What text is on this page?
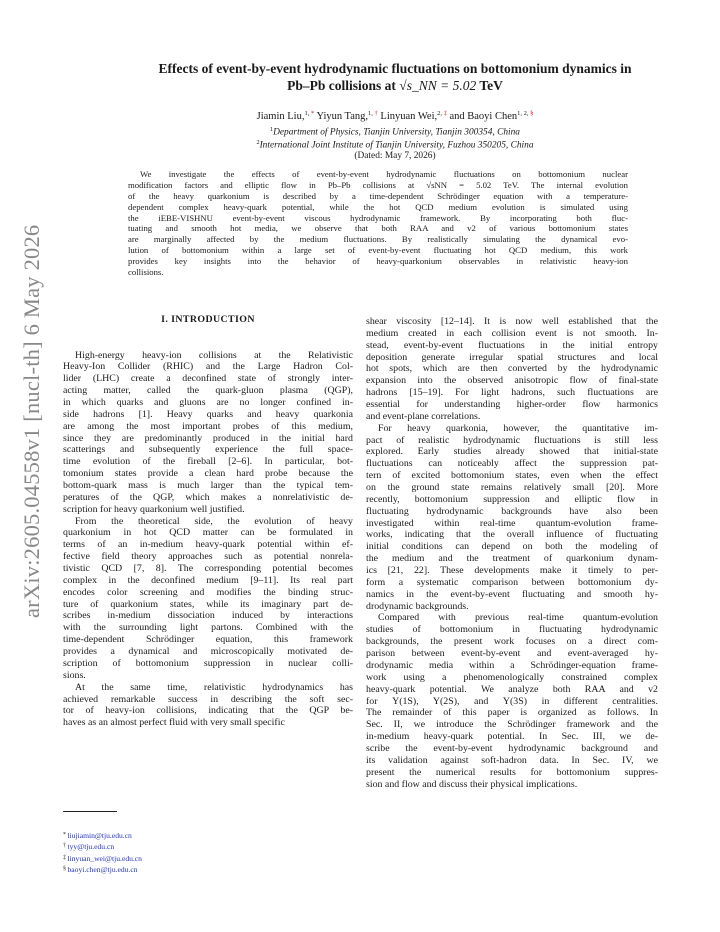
arXiv:2605.04558v1 [nucl-th] 6 May 2026
Effects of event-by-event hydrodynamic fluctuations on bottomonium dynamics in
Pb–Pb collisions at √s_NN = 5.02 TeV
Jiamin Liu,$^{1, *}$ Yiyun Tang,$^{1, \dagger}$ Linyuan Wei,$^{2, \ddagger}$ and Baoyi Chen$^{1, 2, \S}$
$^1$Department of Physics, Tianjin University, Tianjin 300354, China
$^2$International Joint Institute of Tianjin University, Fuzhou 350205, China
(Dated: May 7, 2026)
We investigate the effects of event-by-event hydrodynamic fluctuations on bottomonium nuclear
modification factors and elliptic flow in Pb–Pb collisions at √sNN = 5.02 TeV. The internal evolution
of the heavy quarkonium is described by a time-dependent Schrödinger equation with a temperature-
dependent complex heavy-quark potential, while the hot QCD medium evolution is simulated using
the iEBE-VISHNU event-by-event viscous hydrodynamic framework. By incorporating both fluc-
tuating and smooth hot media, we observe that both RAA and v2 of various bottomonium states
are marginally affected by the medium fluctuations. By realistically simulating the dynamical evo-
lution of bottomonium within a large set of event-by-event fluctuating hot QCD medium, this work
provides key insights into the behavior of heavy-quarkonium observables in relativistic heavy-ion
collisions.
I. INTRODUCTION
High-energy heavy-ion collisions at the Relativistic
Heavy-Ion Collider (RHIC) and the Large Hadron Col-
lider (LHC) create a deconfined state of strongly inter-
acting matter, called the quark-gluon plasma (QGP),
in which quarks and gluons are no longer confined in-
side hadrons [1]. Heavy quarks and heavy quarkonia
are among the most important probes of this medium,
since they are predominantly produced in the initial hard
scatterings and subsequently experience the full space-
time evolution of the fireball [2–6]. In particular, bot-
tomonium states provide a clean hard probe because the
bottom-quark mass is much larger than the typical tem-
peratures of the QGP, which makes a nonrelativistic de-
scription for heavy quarkonium well justified.
From the theoretical side, the evolution of heavy
quarkonium in hot QCD matter can be formulated in
terms of an in-medium heavy-quark potential within ef-
fective field theory approaches such as potential nonrela-
tivistic QCD [7, 8]. The corresponding potential becomes
complex in the deconfined medium [9–11]. Its real part
encodes color screening and modifies the binding struc-
ture of quarkonium states, while its imaginary part de-
scribes in-medium dissociation induced by interactions
with the surrounding light partons. Combined with the
time-dependent Schrödinger equation, this framework
provides a dynamical and microscopically motivated de-
scription of bottomonium suppression in nuclear colli-
sions.
At the same time, relativistic hydrodynamics has
achieved remarkable success in describing the soft sec-
tor of heavy-ion collisions, indicating that the QGP be-
haves as an almost perfect fluid with very small specific
shear viscosity [12–14]. It is now well established that the
medium created in each collision event is not smooth. In-
stead, event-by-event fluctuations in the initial entropy
deposition generate irregular spatial structures and local
hot spots, which are then converted by the hydrodynamic
expansion into the observed anisotropic flow of final-state
hadrons [15–19]. For light hadrons, such fluctuations are
essential for understanding higher-order flow harmonics
and event-plane correlations.
For heavy quarkonia, however, the quantitative im-
pact of realistic hydrodynamic fluctuations is still less
explored. Early studies already showed that initial-state
fluctuations can noticeably affect the suppression pat-
tern of excited bottomonium states, even when the effect
on the ground state remains relatively small [20]. More
recently, bottomonium suppression and elliptic flow in
fluctuating hydrodynamic backgrounds have also been
investigated within real-time quantum-evolution frame-
works, indicating that the overall influence of fluctuating
initial conditions can depend on both the modeling of
the medium and the treatment of quarkonium dynam-
ics [21, 22]. These developments make it timely to per-
form a systematic comparison between bottomonium dy-
namics in the event-by-event fluctuating and smooth hy-
drodynamic backgrounds.
Compared with previous real-time quantum-evolution
studies of bottomonium in fluctuating hydrodynamic
backgrounds, the present work focuses on a direct com-
parison between event-by-event and event-averaged hy-
drodynamic media within a Schrödinger-equation frame-
work using a phenomenologically constrained complex
heavy-quark potential. We analyze both RAA and v2
for Υ(1S), Υ(2S), and Υ(3S) in different centralities.
The remainder of this paper is organized as follows. In
Sec. II, we introduce the Schrödinger framework and the
in-medium heavy-quark potential. In Sec. III, we de-
scribe the event-by-event hydrodynamic background and
its validation against soft-hadron data. In Sec. IV, we
present the numerical results for bottomonium suppres-
sion and flow and discuss their physical implications.
* liujiamin@tju.edu.cn
† tyy@tju.edu.cn
‡ linyuan_wei@tju.edu.cn
§ baoyi.chen@tju.edu.cn
